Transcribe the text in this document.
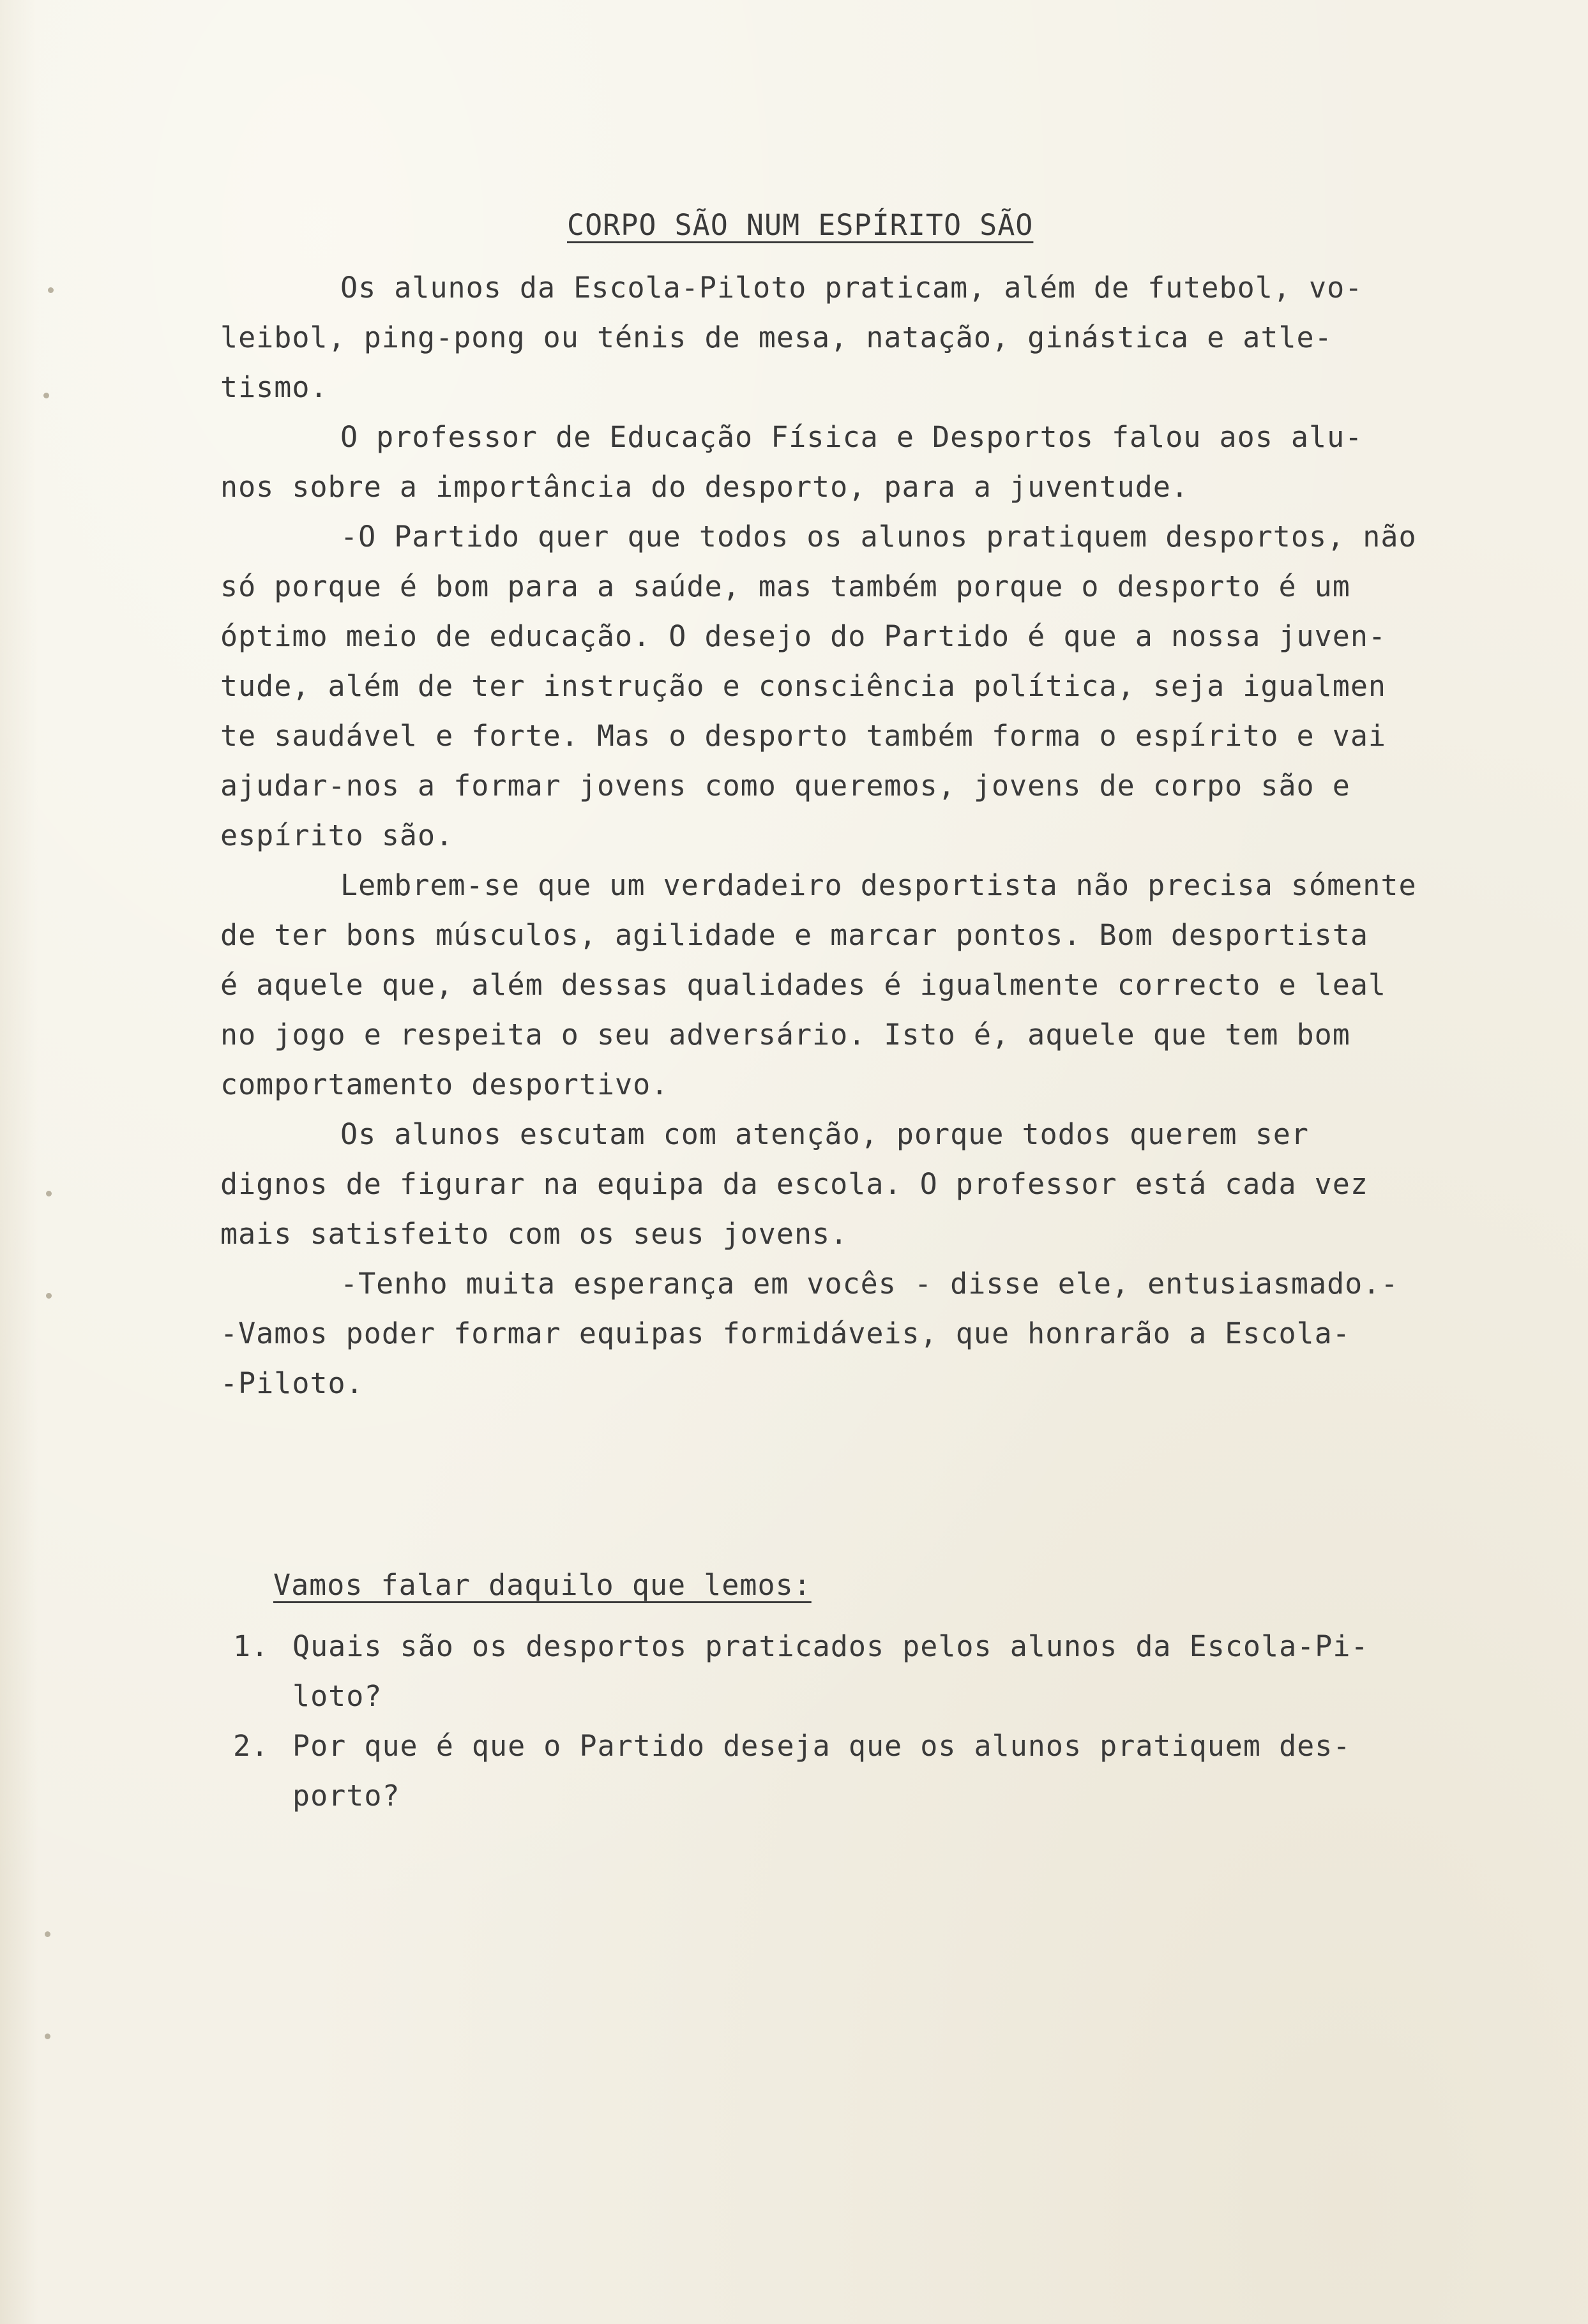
CORPO SÃO NUM ESPÍRITO SÃO

Os alunos da Escola-Piloto praticam, além de futebol, vo-

leibol, ping-pong ou ténis de mesa, natação, ginástica e atle-

tismo.

O professor de Educação Física e Desportos falou aos alu-

nos sobre a importância do desporto, para a juventude.

-O Partido quer que todos os alunos pratiquem desportos, não

só porque é bom para a saúde, mas também porque o desporto é um

óptimo meio de educação. O desejo do Partido é que a nossa juven-

tude, além de ter instrução e consciência política, seja igualmen

te saudável e forte. Mas o desporto também forma o espírito e vai

ajudar-nos a formar jovens como queremos, jovens de corpo são e

espírito são.

Lembrem-se que um verdadeiro desportista não precisa sómente

de ter bons músculos, agilidade e marcar pontos. Bom desportista

é aquele que, além dessas qualidades é igualmente correcto e leal

no jogo e respeita o seu adversário. Isto é, aquele que tem bom

comportamento desportivo.

Os alunos escutam com atenção, porque todos querem ser

dignos de figurar na equipa da escola. O professor está cada vez

mais satisfeito com os seus jovens.

-Tenho muita esperança em vocês - disse ele, entusiasmado.-

-Vamos poder formar equipas formidáveis, que honrarão a Escola-

-Piloto.

Vamos falar daquilo que lemos:

1. Quais são os desportos praticados pelos alunos da Escola-Pi-

loto?

2. Por que é que o Partido deseja que os alunos pratiquem des-

porto?
